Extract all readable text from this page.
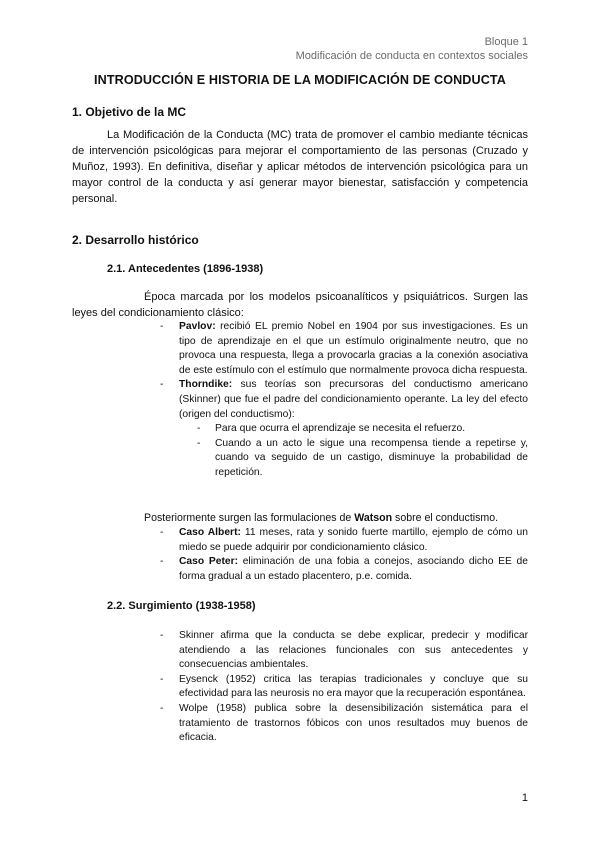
Bloque 1
Modificación de conducta en contextos sociales
INTRODUCCIÓN E HISTORIA DE LA MODIFICACIÓN DE CONDUCTA
1. Objetivo de la MC
La Modificación de la Conducta (MC) trata de promover el cambio mediante técnicas de intervención psicológicas para mejorar el comportamiento de las personas (Cruzado y Muñoz, 1993). En definitiva, diseñar y aplicar métodos de intervención psicológica para un mayor control de la conducta y así generar mayor bienestar, satisfacción y competencia personal.
2. Desarrollo histórico
2.1. Antecedentes (1896-1938)
Época marcada por los modelos psicoanalíticos y psiquiátricos. Surgen las leyes del condicionamiento clásico:
- Pavlov: recibió EL premio Nobel en 1904 por sus investigaciones. Es un tipo de aprendizaje en el que un estímulo originalmente neutro, que no provoca una respuesta, llega a provocarla gracias a la conexión asociativa de este estímulo con el estímulo que normalmente provoca dicha respuesta.
- Thorndike: sus teorías son precursoras del conductismo americano (Skinner) que fue el padre del condicionamiento operante. La ley del efecto (origen del conductismo):
- Para que ocurra el aprendizaje se necesita el refuerzo.
- Cuando a un acto le sigue una recompensa tiende a repetirse y, cuando va seguido de un castigo, disminuye la probabilidad de repetición.
Posteriormente surgen las formulaciones de Watson sobre el conductismo.
- Caso Albert: 11 meses, rata y sonido fuerte martillo, ejemplo de cómo un miedo se puede adquirir por condicionamiento clásico.
- Caso Peter: eliminación de una fobia a conejos, asociando dicho EE de forma gradual a un estado placentero, p.e. comida.
2.2. Surgimiento (1938-1958)
- Skinner afirma que la conducta se debe explicar, predecir y modificar atendiendo a las relaciones funcionales con sus antecedentes y consecuencias ambientales.
- Eysenck (1952) critica las terapias tradicionales y concluye que su efectividad para las neurosis no era mayor que la recuperación espontánea.
- Wolpe (1958) publica sobre la desensibilización sistemática para el tratamiento de trastornos fóbicos con unos resultados muy buenos de eficacia.
1
